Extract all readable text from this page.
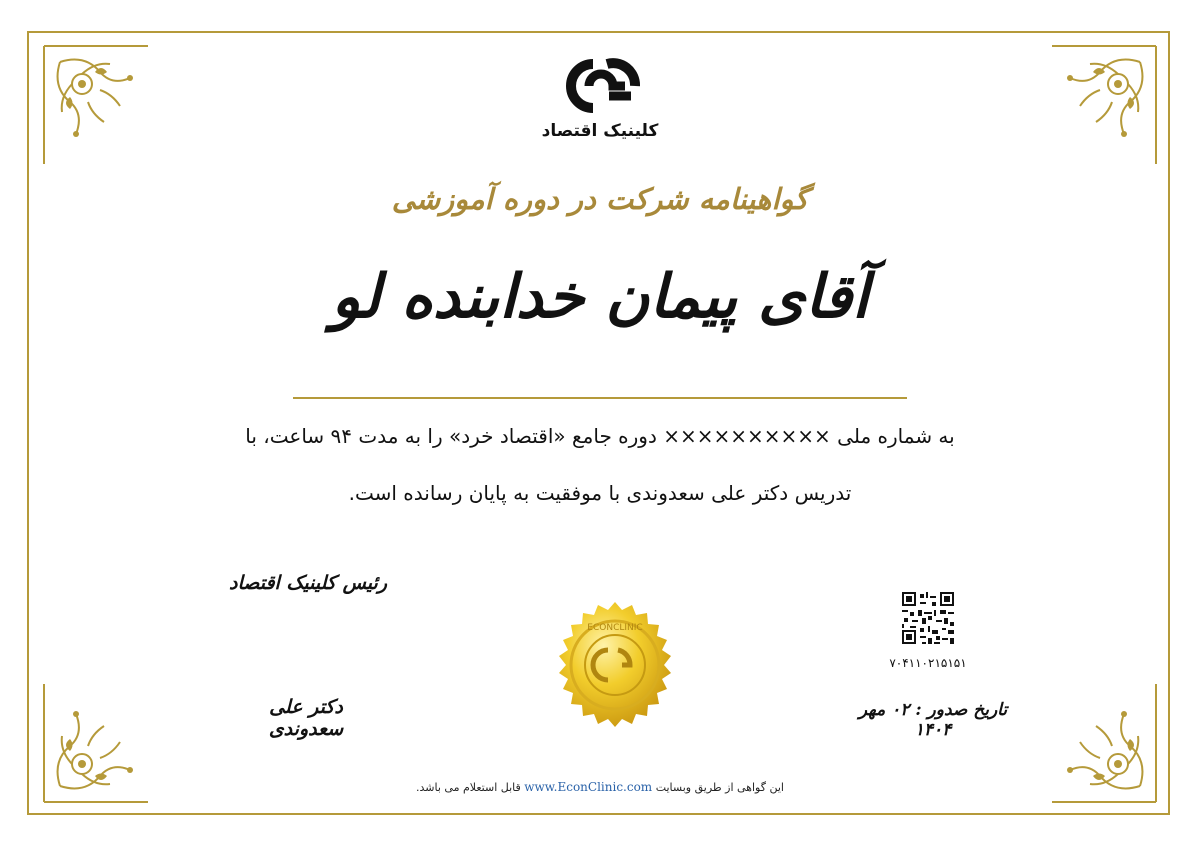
کلینیک اقتصاد
گواهینامه شرکت در دوره آموزشی
آقای پیمان خدابنده لو
به شماره ملی ×××××××××× دوره جامع «اقتصاد خرد» را به مدت ۹۴ ساعت، با
تدریس دکتر علی سعدوندی با موفقیت به پایان رسانده است.
رئیس کلینیک اقتصاد
دکتر علی سعدوندی
ECONCLINIC
۷۰۴۱۱۰۲۱۵۱۵۱
تاریخ صدور : ۰۲ مهر ۱۴۰۴
این گواهی از طریق وبسایت www.EconClinic.com قابل استعلام می باشد.
